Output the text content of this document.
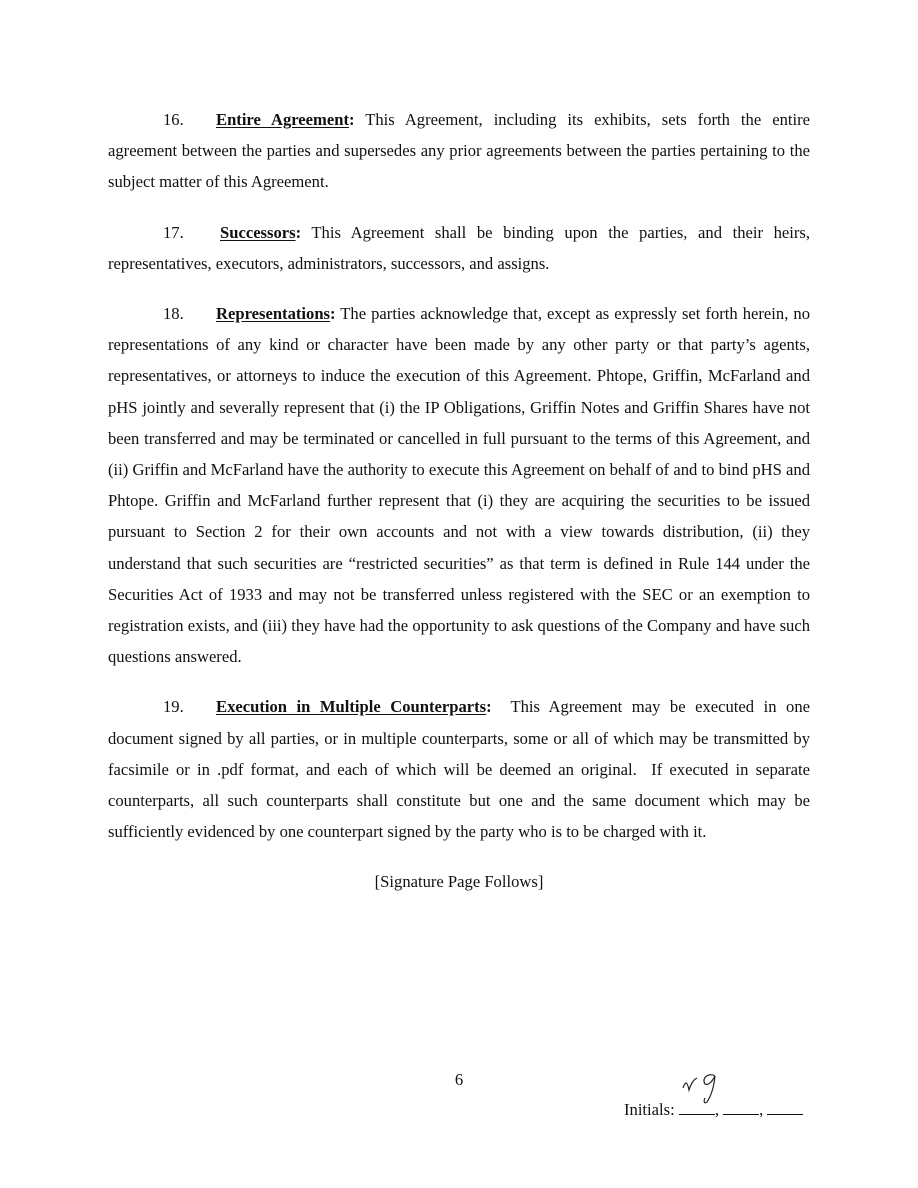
16. Entire Agreement: This Agreement, including its exhibits, sets forth the entire agreement between the parties and supersedes any prior agreements between the parties pertaining to the subject matter of this Agreement.

17. Successors: This Agreement shall be binding upon the parties, and their heirs, representatives, executors, administrators, successors, and assigns.

18. Representations: The parties acknowledge that, except as expressly set forth herein, no representations of any kind or character have been made by any other party or that party’s agents, representatives, or attorneys to induce the execution of this Agreement. Phtope, Griffin, McFarland and pHS jointly and severally represent that (i) the IP Obligations, Griffin Notes and Griffin Shares have not been transferred and may be terminated or cancelled in full pursuant to the terms of this Agreement, and (ii) Griffin and McFarland have the authority to execute this Agreement on behalf of and to bind pHS and Phtope. Griffin and McFarland further represent that (i) they are acquiring the securities to be issued pursuant to Section 2 for their own accounts and not with a view towards distribution, (ii) they understand that such securities are “restricted securities” as that term is defined in Rule 144 under the Securities Act of 1933 and may not be transferred unless registered with the SEC or an exemption to registration exists, and (iii) they have had the opportunity to ask questions of the Company and have such questions answered.

19. Execution in Multiple Counterparts:  This Agreement may be executed in one document signed by all parties, or in multiple counterparts, some or all of which may be transmitted by facsimile or in .pdf format, and each of which will be deemed an original.  If executed in separate counterparts, all such counterparts shall constitute but one and the same document which may be sufficiently evidenced by one counterpart signed by the party who is to be charged with it.

[Signature Page Follows]

6
Initials: , ,
